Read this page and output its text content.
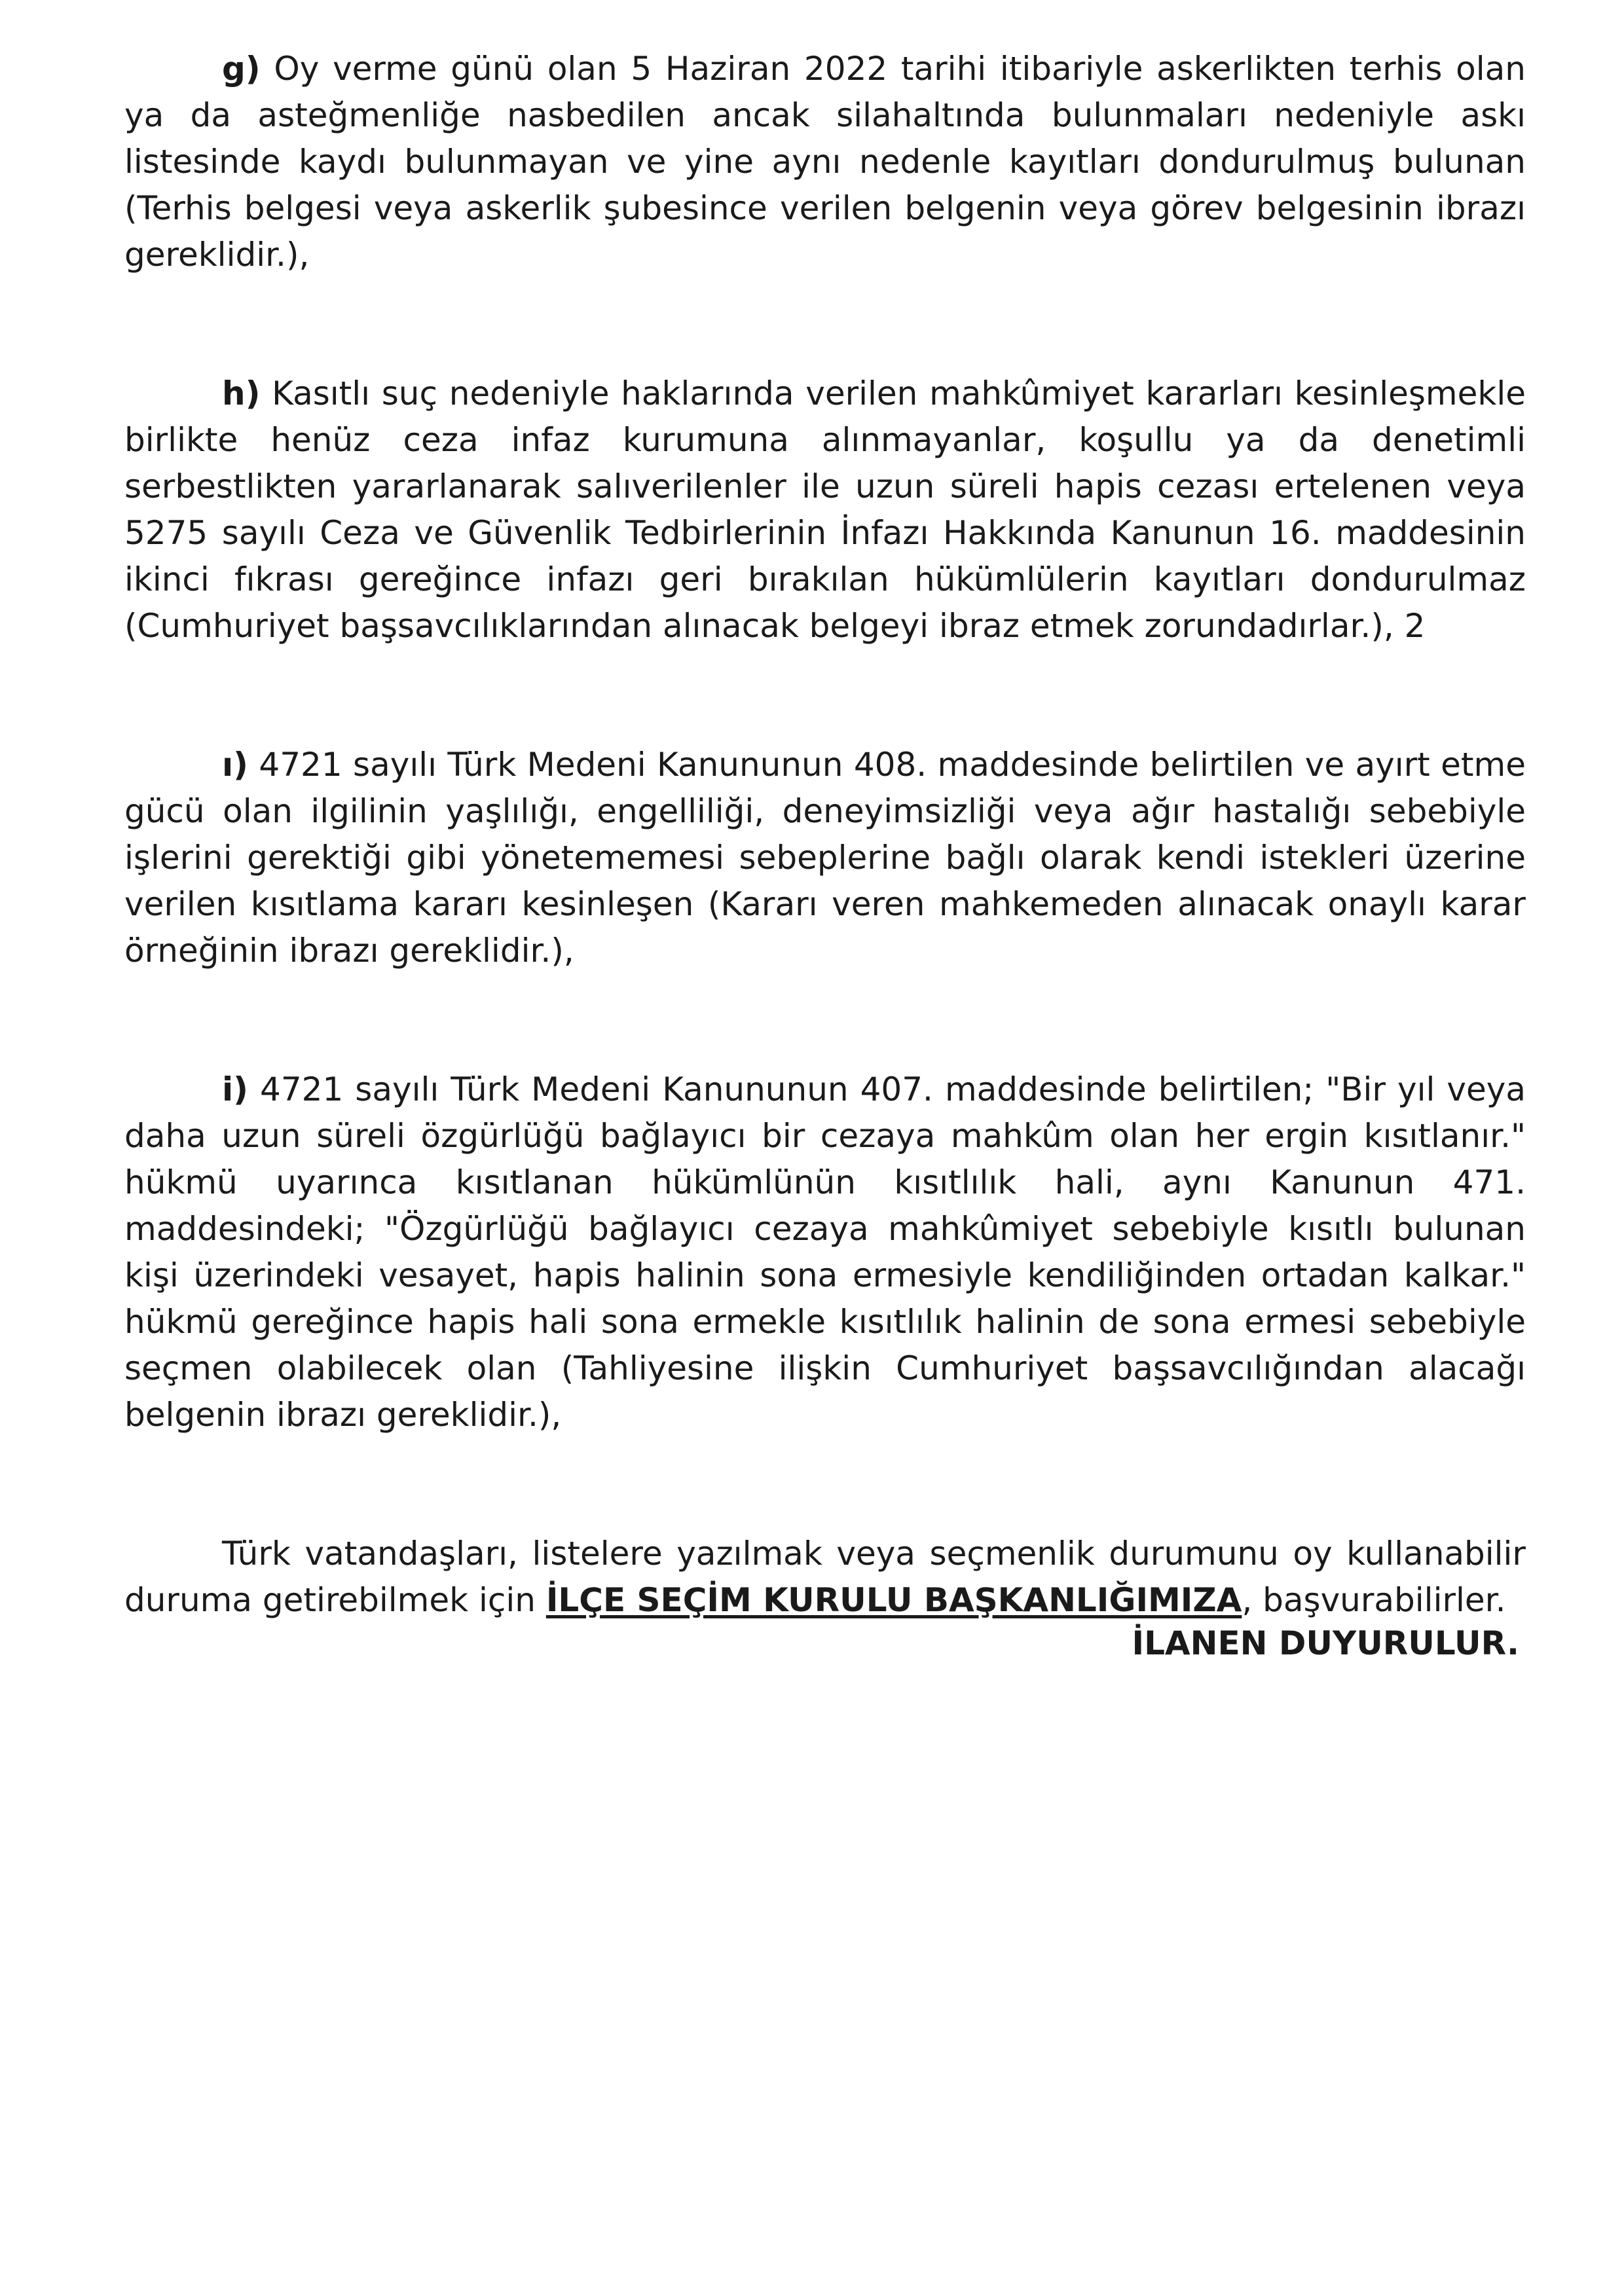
g) Oy verme günü olan 5 Haziran 2022 tarihi itibariyle askerlikten terhis olan ya da asteğmenliğe nasbedilen ancak silahaltında bulunmaları nedeniyle askı listesinde kaydı bulunmayan ve yine aynı nedenle kayıtları dondurulmuş bulunan (Terhis belgesi veya askerlik şubesince verilen belgenin veya görev belgesinin ibrazı gereklidir.),

h) Kasıtlı suç nedeniyle haklarında verilen mahkûmiyet kararları kesinleşmekle birlikte henüz ceza infaz kurumuna alınmayanlar, koşullu ya da denetimli serbestlikten yararlanarak salıverilenler ile uzun süreli hapis cezası ertelenen veya 5275 sayılı Ceza ve Güvenlik Tedbirlerinin İnfazı Hakkında Kanunun 16. maddesinin ikinci fıkrası gereğince infazı geri bırakılan hükümlülerin kayıtları dondurulmaz (Cumhuriyet başsavcılıklarından alınacak belgeyi ibraz etmek zorundadırlar.), 2

ı) 4721 sayılı Türk Medeni Kanununun 408. maddesinde belirtilen ve ayırt etme gücü olan ilgilinin yaşlılığı, engelliliği, deneyimsizliği veya ağır hastalığı sebebiyle işlerini gerektiği gibi yönetememesi sebeplerine bağlı olarak kendi istekleri üzerine verilen kısıtlama kararı kesinleşen (Kararı veren mahkemeden alınacak onaylı karar örneğinin ibrazı gereklidir.),

i) 4721 sayılı Türk Medeni Kanununun 407. maddesinde belirtilen; "Bir yıl veya daha uzun süreli özgürlüğü bağlayıcı bir cezaya mahkûm olan her ergin kısıtlanır." hükmü uyarınca kısıtlanan hükümlünün kısıtlılık hali, aynı Kanunun 471. maddesindeki; "Özgürlüğü bağlayıcı cezaya mahkûmiyet sebebiyle kısıtlı bulunan kişi üzerindeki vesayet, hapis halinin sona ermesiyle kendiliğinden ortadan kalkar." hükmü gereğince hapis hali sona ermekle kısıtlılık halinin de sona ermesi sebebiyle seçmen olabilecek olan (Tahliyesine ilişkin Cumhuriyet başsavcılığından alacağı belgenin ibrazı gereklidir.),

Türk vatandaşları, listelere yazılmak veya seçmenlik durumunu oy kullanabilir duruma getirebilmek için İLÇE SEÇİM KURULU BAŞKANLIĞIMIZA, başvurabilirler.

İLANEN DUYURULUR.
